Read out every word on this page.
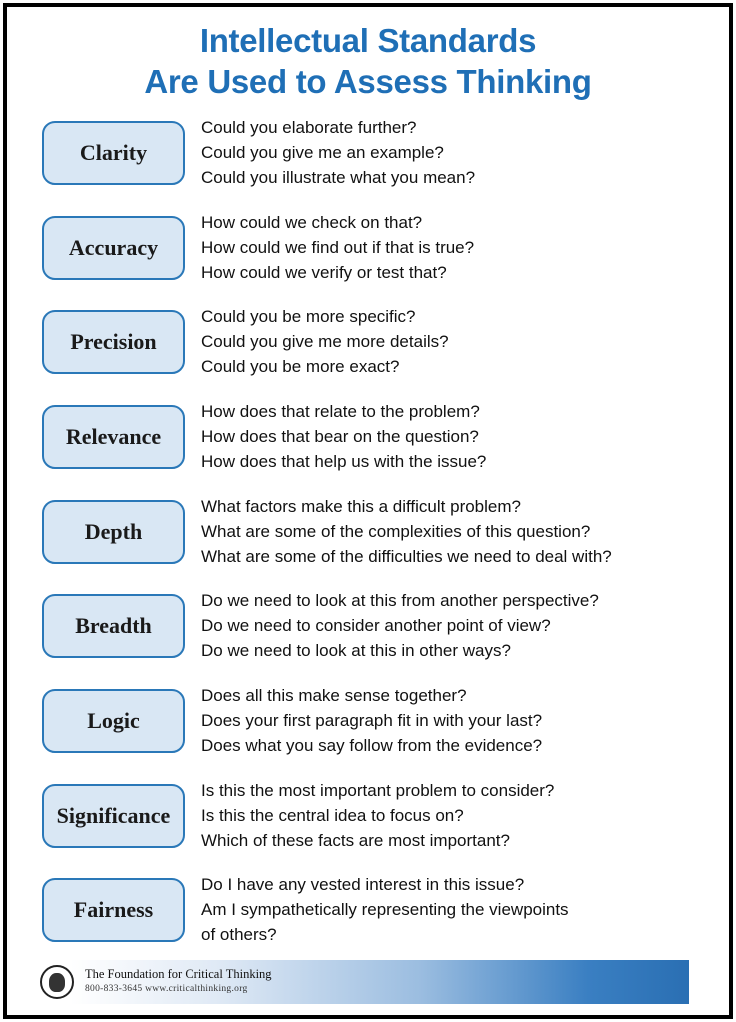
Intellectual Standards
Are Used to Assess Thinking
Clarity
Could you elaborate further?
Could you give me an example?
Could you illustrate what you mean?
Accuracy
How could we check on that?
How could we find out if that is true?
How could we verify or test that?
Precision
Could you be more specific?
Could you give me more details?
Could you be more exact?
Relevance
How does that relate to the problem?
How does that bear on the question?
How does that help us with the issue?
Depth
What factors make this a difficult problem?
What are some of the complexities of this question?
What are some of the difficulties we need to deal with?
Breadth
Do we need to look at this from another perspective?
Do we need to consider another point of view?
Do we need to look at this in other ways?
Logic
Does all this make sense together?
Does your first paragraph fit in with your last?
Does what you say follow from the evidence?
Significance
Is this the most important problem to consider?
Is this the central idea to focus on?
Which of these facts are most important?
Fairness
Do I have any vested interest in this issue?
Am I sympathetically representing the viewpoints
of others?
The Foundation for Critical Thinking
800-833-3645 www.criticalthinking.org
